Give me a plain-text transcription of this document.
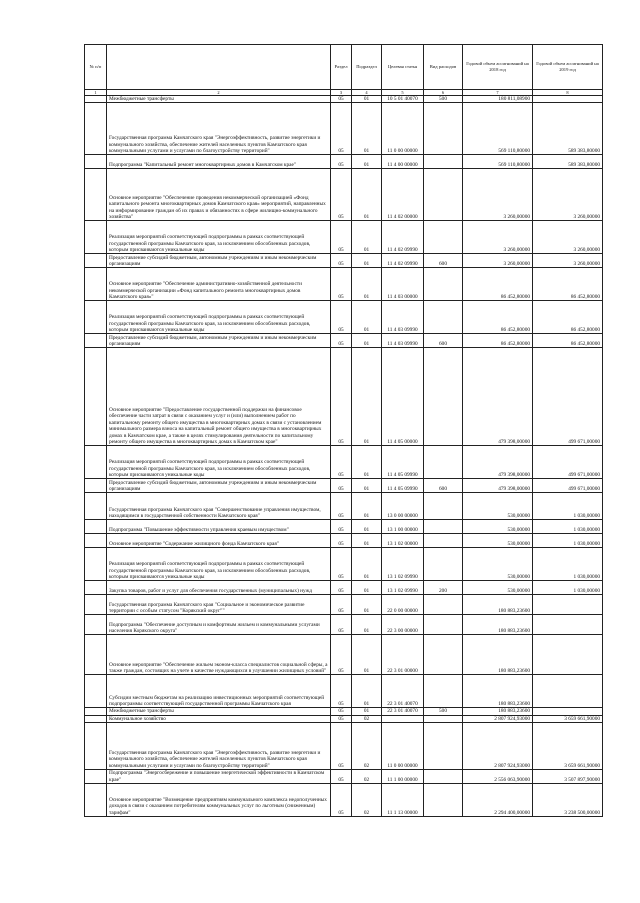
№ п/п		Раздел	Подраздел	Целевая статья	Вид расходов	Годовой объем ассигнований на 2018 год	Годовой объем ассигнований на 2019 год
1	2	3	4	5	6	7	8
	Межбюджетные трансферты	05	01	10 5 01 40070	500	180 811,08900	
	Государственная программа Камчатского края "Энергоэффективность, развитие энергетики и коммунального хозяйства, обеспечение жителей населенных пунктов Камчатского края коммунальными услугами и услугами по благоустройству территорий"	05	01	11 0 00 00000		569 110,80000	589 383,80000
	Подпрограмма "Капитальный ремонт многоквартирных домов в Камчатском крае"	05	01	11 4 00 00000		569 110,80000	589 383,80000
	Основное мероприятие "Обеспечение проведения некоммерческой организацией «Фонд капитального ремонта многоквартирных домов Камчатского края» мероприятий, направленных на информирование граждан об их правах и обязанностях в сфере жилищно-коммунального хозяйства"	05	01	11 4 02 00000		3 260,00000	3 260,00000
	Реализация мероприятий соответствующей подпрограммы в рамках соответствующей государственной программы Камчатского края, за исключением обособленных расходов, которым присваиваются уникальные коды	05	01	11 4 02 09990		3 260,00000	3 260,00000
	Предоставление субсидий бюджетным, автономным учреждениям и иным некоммерческим организациям	05	01	11 4 02 09990	600	3 260,00000	3 260,00000
	Основное мероприятие "Обеспечение административно-хозяйственной деятельности некоммерческой организации «Фонд капитального ремонта многоквартирных домов Камчатского края»"	05	01	11 4 03 00000		86 452,80000	86 452,80000
	Реализация мероприятий соответствующей подпрограммы в рамках соответствующей государственной программы Камчатского края, за исключением обособленных расходов, которым присваиваются уникальные коды	05	01	11 4 03 09990		86 452,80000	86 452,80000
	Предоставление субсидий бюджетным, автономным учреждениям и иным некоммерческим организациям	05	01	11 4 03 09990	600	86 452,80000	86 452,80000
	Основное мероприятие "Предоставление государственной поддержки на финансовое обеспечение части затрат в связи с оказанием услуг и (или) выполнением работ по капитальному ремонту общего имущества в многоквартирных домах в связи с установлением минимального размера взноса на капитальный ремонт общего имущества в многоквартирных домах в Камчатском крае, а также в целях стимулирования деятельности по капитальному ремонту общего имущества в многоквартирных домах в Камчатском крае"	05	01	11 4 05 00000		479 398,00000	499 671,00000
	Реализация мероприятий соответствующей подпрограммы в рамках соответствующей государственной программы Камчатского края, за исключением обособленных расходов, которым присваиваются уникальные коды	05	01	11 4 05 09990		479 398,00000	499 671,00000
	Предоставление субсидий бюджетным, автономным учреждениям и иным некоммерческим организациям	05	01	11 4 05 09990	600	479 398,00000	499 671,00000
	Государственная программа Камчатского края "Совершенствование управления имуществом, находящимся в государственной собственности Камчатского края"	05	01	13 0 00 00000		530,00000	1 030,00000
	Подпрограмма "Повышение эффективности управления краевым имуществом"	05	01	13 1 00 00000		530,00000	1 030,00000
	Основное мероприятие "Содержание жилищного фонда Камчатского края"	05	01	13 1 02 00000		530,00000	1 030,00000
	Реализация мероприятий соответствующей подпрограммы в рамках соответствующей государственной программы Камчатского края, за исключением обособленных расходов, которым присваиваются уникальные коды	05	01	13 1 02 09990		530,00000	1 030,00000
	Закупка товаров, работ и услуг для обеспечения государственных (муниципальных) нужд	05	01	13 1 02 09990	200	530,00000	1 030,00000
	Государственная программа Камчатского края "Социальное и экономическое развитие территории с особым статусом "Корякский округ""	05	01	22 0 00 00000		180 883,23600	
	Подпрограмма "Обеспечение доступным и комфортным жильем и коммунальными услугами населения Корякского округа"	05	01	22 3 00 00000		180 883,23600	
	Основное мероприятие "Обеспечение жильем эконом-класса специалистов социальной сферы, а также граждан, состоящих на учете в качестве нуждающихся в улучшении жилищных условий"	05	01	22 3 01 00000		180 883,23600	
	Субсидии местным бюджетам на реализацию инвестиционных мероприятий соответствующей подпрограммы соответствующей государственной программы Камчатского края	05	01	22 3 01 40070		180 883,23600	
	Межбюджетные трансферты	05	01	22 3 01 40070	500	180 883,23600	
	Коммунальное хозяйство	05	02			2 807 924,93000	3 659 661,90000
	Государственная программа Камчатского края "Энергоэффективность, развитие энергетики и коммунального хозяйства, обеспечение жителей населенных пунктов Камчатского края коммунальными услугами и услугами по благоустройству территорий"	05	02	11 0 00 00000		2 807 924,93000	3 659 661,90000
	Подпрограмма "Энергосбережение и повышение энергетической эффективности в Камчатском крае"	05	02	11 1 00 00000		2 556 063,90000	3 507 897,90000
	Основное мероприятие "Возмещение предприятиям коммунального комплекса недополученных доходов в связи с оказанием потребителям коммунальных услуг по льготным (сниженным) тарифам"	05	02	11 1 13 00000		2 294 400,00000	3 238 500,00000
